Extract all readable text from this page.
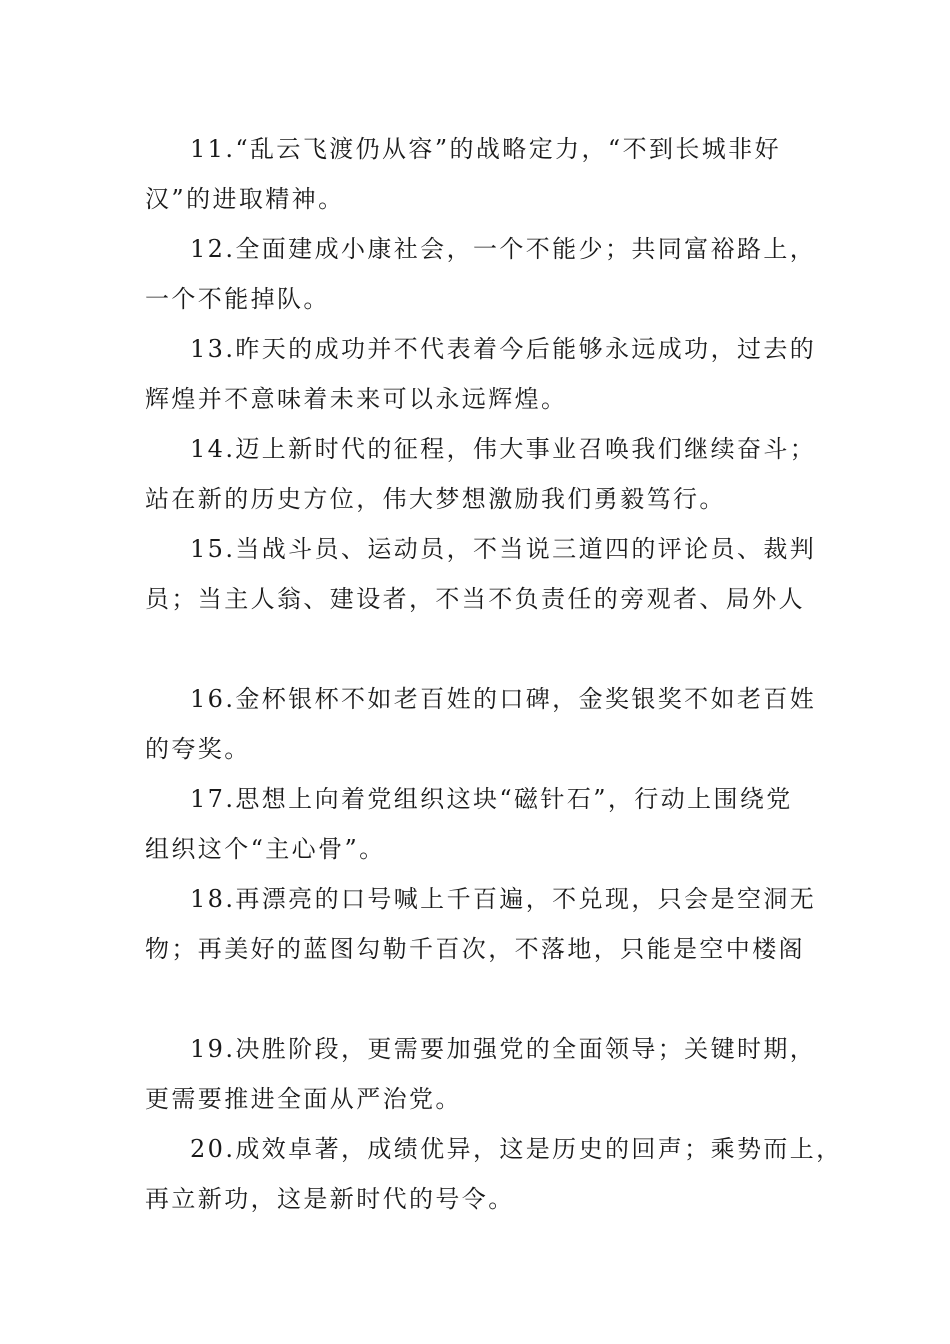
11.“乱云飞渡仍从容”的战略定力，“不到长城非好
汉”的进取精神。
12.全面建成小康社会，一个不能少；共同富裕路上，
一个不能掉队。
13.昨天的成功并不代表着今后能够永远成功，过去的
辉煌并不意味着未来可以永远辉煌。
14.迈上新时代的征程，伟大事业召唤我们继续奋斗；
站在新的历史方位，伟大梦想激励我们勇毅笃行。
15.当战斗员、运动员，不当说三道四的评论员、裁判
员；当主人翁、建设者，不当不负责任的旁观者、局外人
16.金杯银杯不如老百姓的口碑，金奖银奖不如老百姓
的夸奖。
17.思想上向着党组织这块“磁针石”，行动上围绕党
组织这个“主心骨”。
18.再漂亮的口号喊上千百遍，不兑现，只会是空洞无
物；再美好的蓝图勾勒千百次，不落地，只能是空中楼阁
19.决胜阶段，更需要加强党的全面领导；关键时期，
更需要推进全面从严治党。
20.成效卓著，成绩优异，这是历史的回声；乘势而上，
再立新功，这是新时代的号令。
